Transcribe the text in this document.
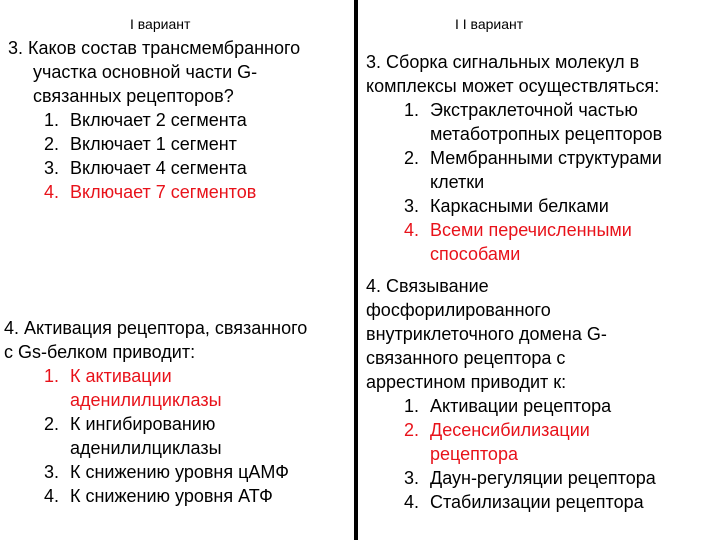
I вариант	I I вариант
3. Каков состав трансмембранного
участка основной части G-
связанных рецепторов?
1. Включает 2 сегмента
2. Включает 1 сегмент
3. Включает 4 сегмента
4. Включает 7 сегментов
4. Активация рецептора, связанного
с Gs-белком приводит:
1. К активации
аденилилциклазы
2. К ингибированию
аденилилциклазы
3. К снижению уровня цАМФ
4. К снижению уровня АТФ
3. Сборка сигнальных молекул в
комплексы может осуществляться:
1. Экстраклеточной частью
метаботропных рецепторов
2. Мембранными структурами
клетки
3. Каркасными белками
4. Всеми перечисленными
способами
4. Связывание
фосфорилированного
внутриклеточного домена G-
связанного рецептора с
аррестином приводит к:
1. Активации рецептора
2. Десенсибилизации
рецептора
3. Даун-регуляции рецептора
4. Стабилизации рецептора
